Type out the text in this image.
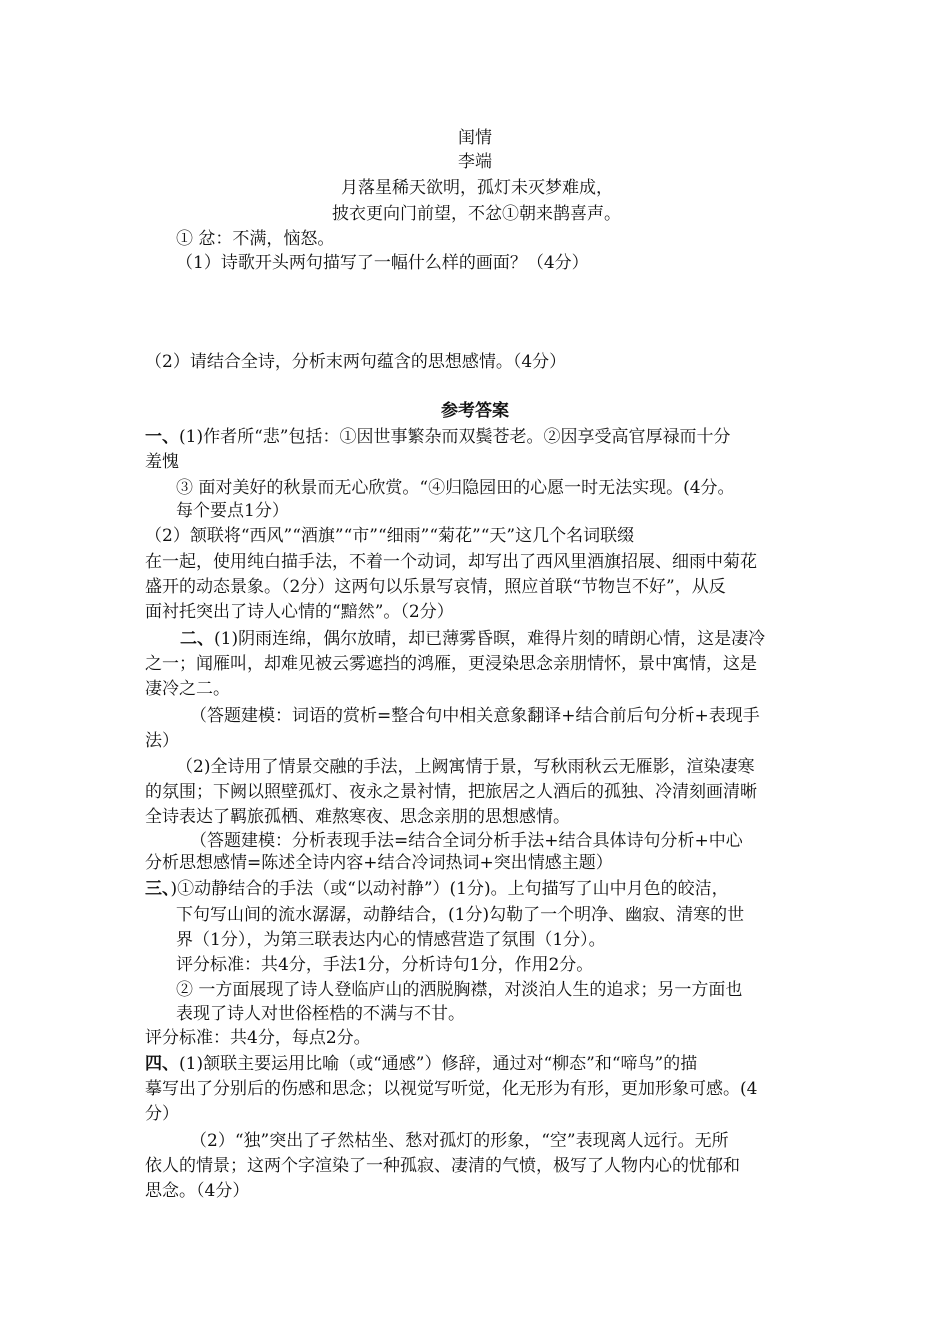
闺情
李端
月落星稀天欲明，孤灯未灭梦难成，
披衣更向门前望，不忿①朝来鹊喜声。
① 忿：不满，恼怒。
（1）诗歌开头两句描写了一幅什么样的画面？（4分）
（2）请结合全诗，分析末两句蕴含的思想感情。（4分）
参考答案
一、(1)作者所“悲”包括：①因世事繁杂而双鬓苍老。②因享受高官厚禄而十分
羞愧
③ 面对美好的秋景而无心欣赏。“④归隐园田的心愿一时无法实现。(4分。
每个要点1分）
（2）颔联将“西风”“酒旗”“市”“细雨”“菊花”“天”这几个名词联缀
在一起，使用纯白描手法，不着一个动词，却写出了西风里酒旗招展、细雨中菊花
盛开的动态景象。（2分）这两句以乐景写哀情，照应首联“节物岂不好”，从反
面衬托突出了诗人心情的“黯然”。（2分）
二、(1)阴雨连绵，偶尔放晴，却已薄雾昏暝，难得片刻的晴朗心情，这是凄冷
之一；闻雁叫，却难见被云雾遮挡的鸿雁，更浸染思念亲朋情怀，景中寓情，这是
凄冷之二。
（答题建模：词语的赏析=整合句中相关意象翻译+结合前后句分析+表现手
法）
（2)全诗用了情景交融的手法，上阙寓情于景，写秋雨秋云无雁影，渲染凄寒
的氛围；下阙以照壁孤灯、夜永之景衬情，把旅居之人酒后的孤独、冷清刻画清晰
全诗表达了羁旅孤栖、难熬寒夜、思念亲朋的思想感情。
（答题建模：分析表现手法=结合全词分析手法+结合具体诗句分析+中心
分析思想感情=陈述全诗内容+结合冷词热词+突出情感主题）
三、)①动静结合的手法（或“以动衬静”）(1分)。上句描写了山中月色的皎洁，
下句写山间的流水潺潺，动静结合，(1分)勾勒了一个明净、幽寂、清寒的世
界（1分），为第三联表达内心的情感营造了氛围（1分）。
评分标准：共4分，手法1分，分析诗句1分，作用2分。
② 一方面展现了诗人登临庐山的洒脱胸襟，对淡泊人生的追求；另一方面也
表现了诗人对世俗桎梏的不满与不甘。
评分标准：共4分，每点2分。
四、(1)颔联主要运用比喻（或“通感”）修辞，通过对“柳态”和“啼鸟”的描
摹写出了分别后的伤感和思念；以视觉写听觉，化无形为有形，更加形象可感。(4
分）
（2）“独”突出了孑然枯坐、愁对孤灯的形象，“空”表现离人远行。无所
依人的情景；这两个字渲染了一种孤寂、凄清的气愤，极写了人物内心的忧郁和
思念。（4分）
